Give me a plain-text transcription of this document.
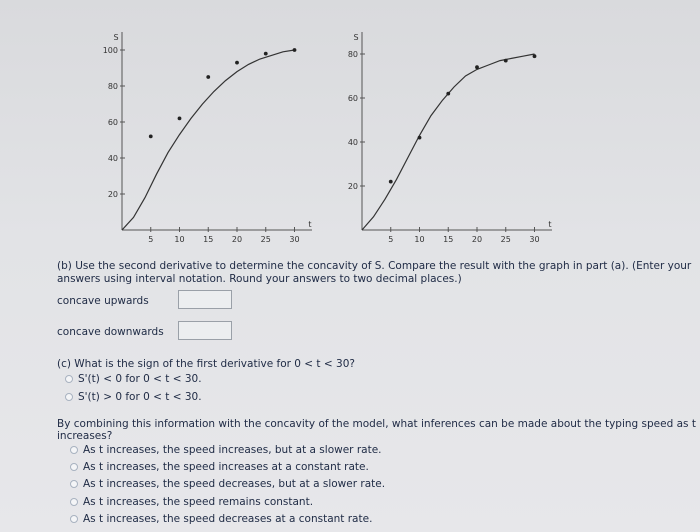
5	10 15 20 25 30
20
40
60
80
100
S
t
5	10 15 20 25 30
20
40
60
80
S
t
(b) Use the second derivative to determine the concavity of S. Compare the result with the graph in part (a). (Enter your
answers using interval notation. Round your answers to two decimal places.)
concave upwards
concave downwards
(c) What is the sign of the first derivative for 0 < t < 30?
S'(t) < 0 for 0 < t < 30.
S'(t) > 0 for 0 < t < 30.
By combining this information with the concavity of the model, what inferences can be made about the typing speed as t
increases?
As t increases, the speed increases, but at a slower rate.
As t increases, the speed increases at a constant rate.
As t increases, the speed decreases, but at a slower rate.
As t increases, the speed remains constant.
As t increases, the speed decreases at a constant rate.
